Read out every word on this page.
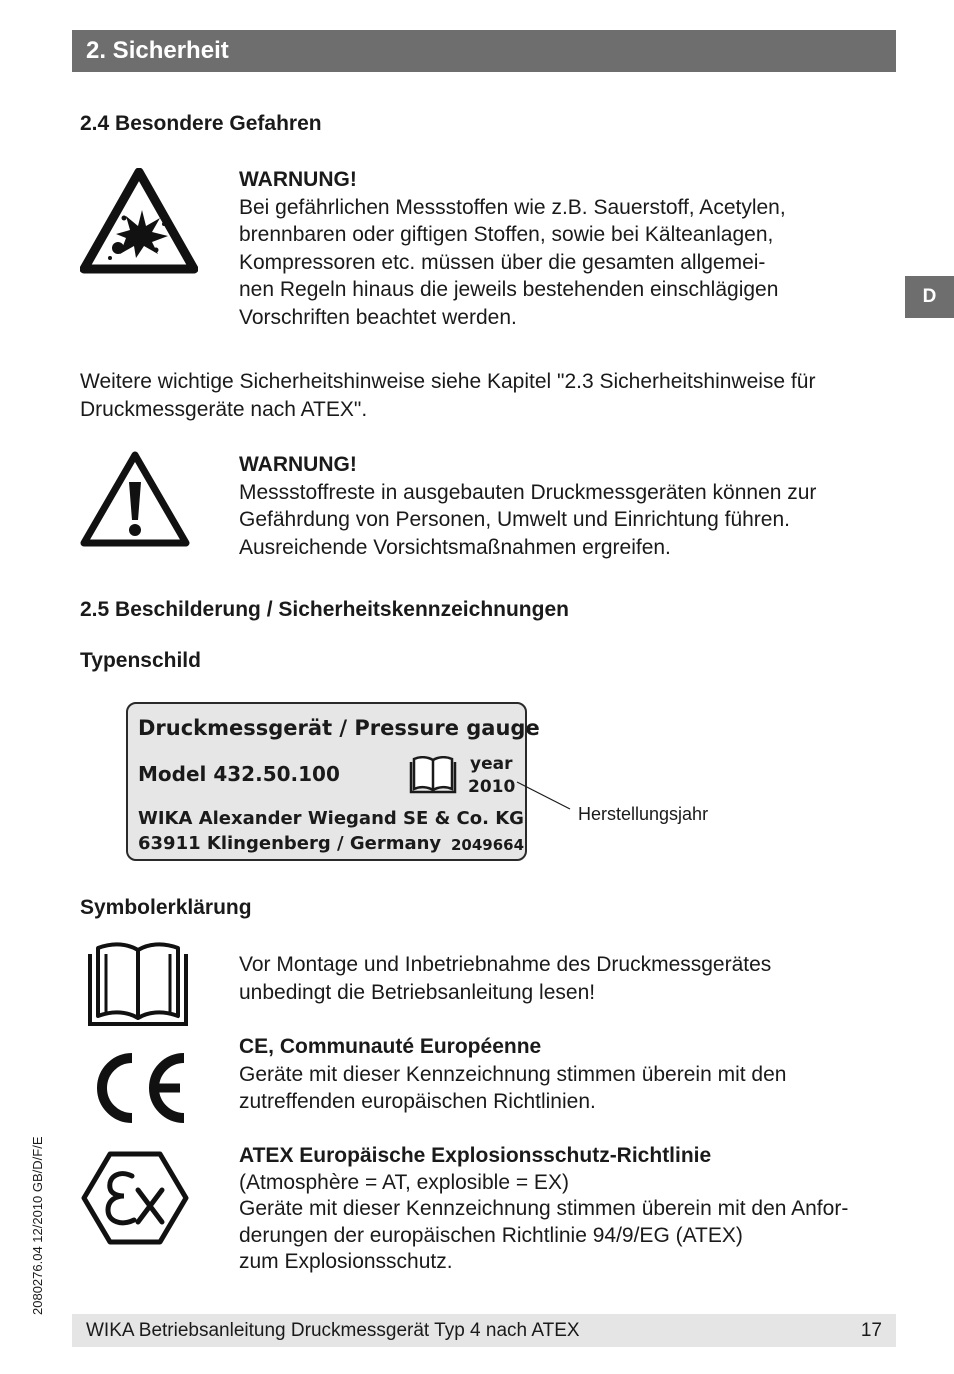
2. Sicherheit
D
2.4 Besondere Gefahren
WARNUNG!
Bei gefährlichen Messstoffen wie z.B. Sauerstoff, Acetylen,
brennbaren oder giftigen Stoffen, sowie bei Kälteanlagen,
Kompressoren etc. müssen über die gesamten allgemei-
nen Regeln hinaus die jeweils bestehenden einschlägigen
Vorschriften beachtet werden.
Weitere wichtige Sicherheitshinweise siehe Kapitel "2.3 Sicherheitshinweise für
Druckmessgeräte nach ATEX".
WARNUNG!
Messstoffreste in ausgebauten Druckmessgeräten können zur
Gefährdung von Personen, Umwelt und Einrichtung führen.
Ausreichende Vorsichtsmaßnahmen ergreifen.
2.5 Beschilderung / Sicherheitskennzeichnungen
Typenschild
Druckmessgerät / Pressure gauge
Model 432.50.100	year
2010
WIKA Alexander Wiegand SE & Co. KG
63911 Klingenberg / Germany 2049664
Herstellungsjahr
Symbolerklärung
Vor Montage und Inbetriebnahme des Druckmessgerätes
unbedingt die Betriebsanleitung lesen!
CE, Communauté Européenne
Geräte mit dieser Kennzeichnung stimmen überein mit den
zutreffenden europäischen Richtlinien.
ATEX Europäische Explosionsschutz-Richtlinie
(Atmosphère = AT, explosible = EX)
Geräte mit dieser Kennzeichnung stimmen überein mit den Anfor-
derungen der europäischen Richtlinie 94/9/EG (ATEX)
zum Explosionsschutz.
2080276.04 12/2010 GB/D/F/E
WIKA Betriebsanleitung Druckmessgerät Typ 4 nach ATEX	17
